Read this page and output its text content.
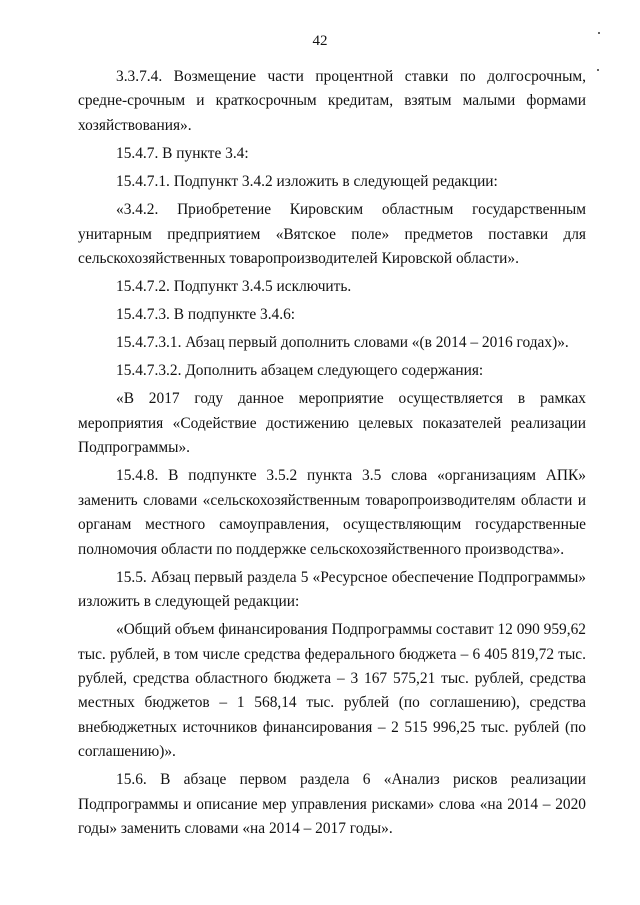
42

3.3.7.4. Возмещение части процентной ставки по долгосрочным, средне-срочным и краткосрочным кредитам, взятым малыми формами хозяйствования».

15.4.7. В пункте 3.4:

15.4.7.1. Подпункт 3.4.2 изложить в следующей редакции:

«3.4.2. Приобретение Кировским областным государственным унитарным предприятием «Вятское поле» предметов поставки для сельскохозяйственных товаропроизводителей Кировской области».

15.4.7.2. Подпункт 3.4.5 исключить.

15.4.7.3. В подпункте 3.4.6:

15.4.7.3.1. Абзац первый дополнить словами «(в 2014 – 2016 годах)».

15.4.7.3.2. Дополнить абзацем следующего содержания:

«В 2017 году данное мероприятие осуществляется в рамках мероприятия «Содействие достижению целевых показателей реализации Подпрограммы».

15.4.8. В подпункте 3.5.2 пункта 3.5 слова «организациям АПК» заменить словами «сельскохозяйственным товаропроизводителям области и органам местного самоуправления, осуществляющим государственные полномочия области по поддержке сельскохозяйственного производства».

15.5. Абзац первый раздела 5 «Ресурсное обеспечение Подпрограммы» изложить в следующей редакции:

«Общий объем финансирования Подпрограммы составит 12 090 959,62 тыс. рублей, в том числе средства федерального бюджета – 6 405 819,72 тыс. рублей, средства областного бюджета – 3 167 575,21 тыс. рублей, средства местных бюджетов – 1 568,14 тыс. рублей (по соглашению), средства внебюджетных источников финансирования – 2 515 996,25 тыс. рублей (по соглашению)».

15.6. В абзаце первом раздела 6 «Анализ рисков реализации Подпрограммы и описание мер управления рисками» слова «на 2014 – 2020 годы» заменить словами «на 2014 – 2017 годы».
